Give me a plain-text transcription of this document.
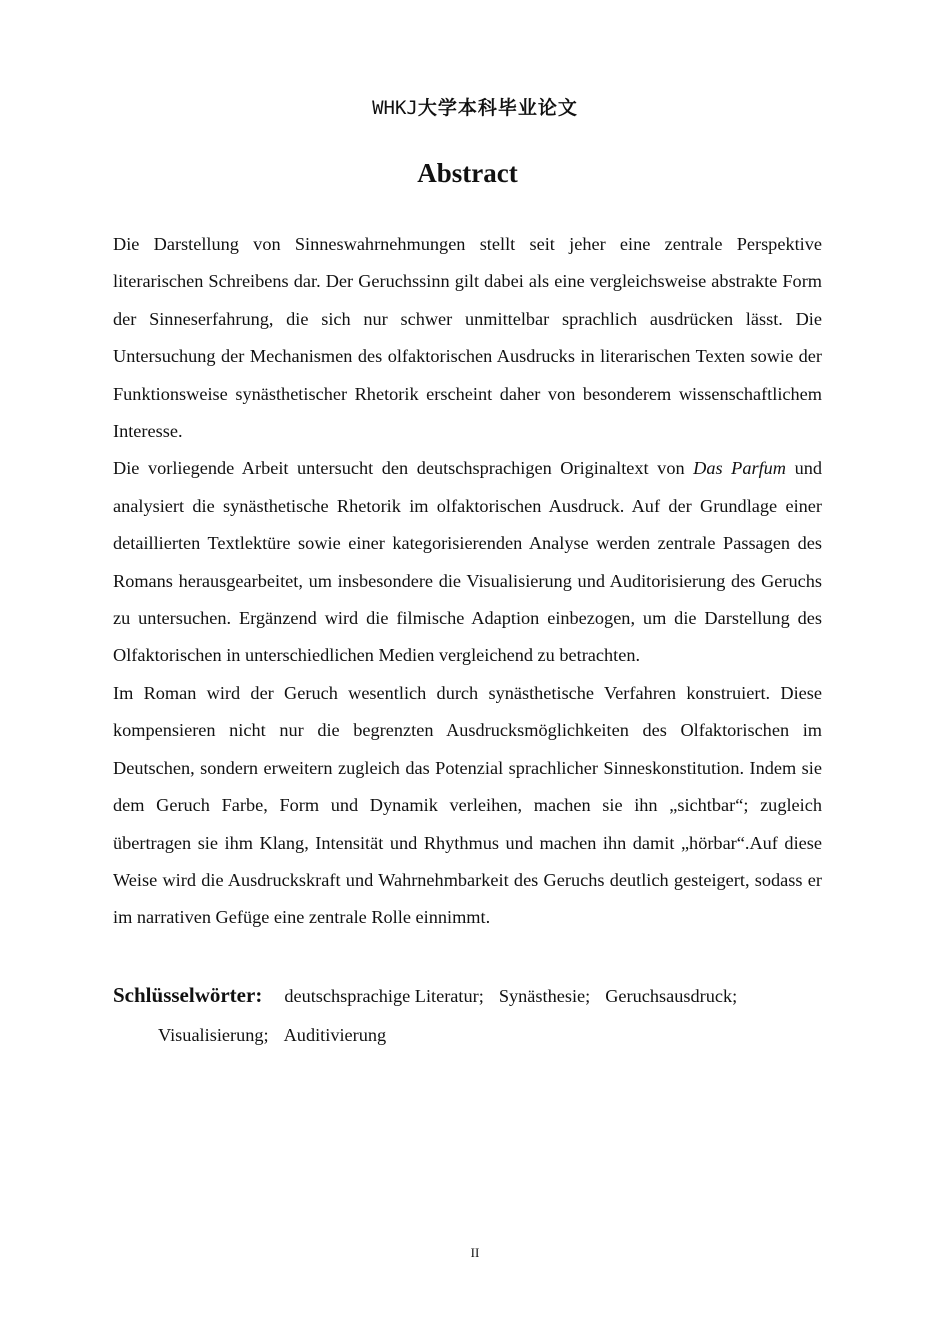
WHKJ大学本科毕业论文
Abstract

Die Darstellung von Sinneswahrnehmungen stellt seit jeher eine zentrale Perspektive literarischen Schreibens dar. Der Geruchssinn gilt dabei als eine vergleichsweise abstrakte Form der Sinneserfahrung, die sich nur schwer unmittelbar sprachlich ausdrücken lässt. Die Untersuchung der Mechanismen des olfaktorischen Ausdrucks in literarischen Texten sowie der Funktionsweise synästhetischer Rhetorik erscheint daher von besonderem wissenschaftlichem Interesse.

Die vorliegende Arbeit untersucht den deutschsprachigen Originaltext von Das Parfum und analysiert die synästhetische Rhetorik im olfaktorischen Ausdruck. Auf der Grundlage einer detaillierten Textlektüre sowie einer kategorisierenden Analyse werden zentrale Passagen des Romans herausgearbeitet, um insbesondere die Visualisierung und Auditorisierung des Geruchs zu untersuchen. Ergänzend wird die filmische Adaption einbezogen, um die Darstellung des Olfaktorischen in unterschiedlichen Medien vergleichend zu betrachten.

Im Roman wird der Geruch wesentlich durch synästhetische Verfahren konstruiert. Diese kompensieren nicht nur die begrenzten Ausdrucksmöglichkeiten des Olfaktorischen im Deutschen, sondern erweitern zugleich das Potenzial sprachlicher Sinneskonstitution. Indem sie dem Geruch Farbe, Form und Dynamik verleihen, machen sie ihn „sichtbar“; zugleich übertragen sie ihm Klang, Intensität und Rhythmus und machen ihn damit „hörbar“.Auf diese Weise wird die Ausdruckskraft und Wahrnehmbarkeit des Geruchs deutlich gesteigert, sodass er im narrativen Gefüge eine zentrale Rolle einnimmt.

Schlüsselwörter: deutschsprachige Literatur; Synästhesie; Geruchsausdruck;
Visualisierung; Auditivierung
II
